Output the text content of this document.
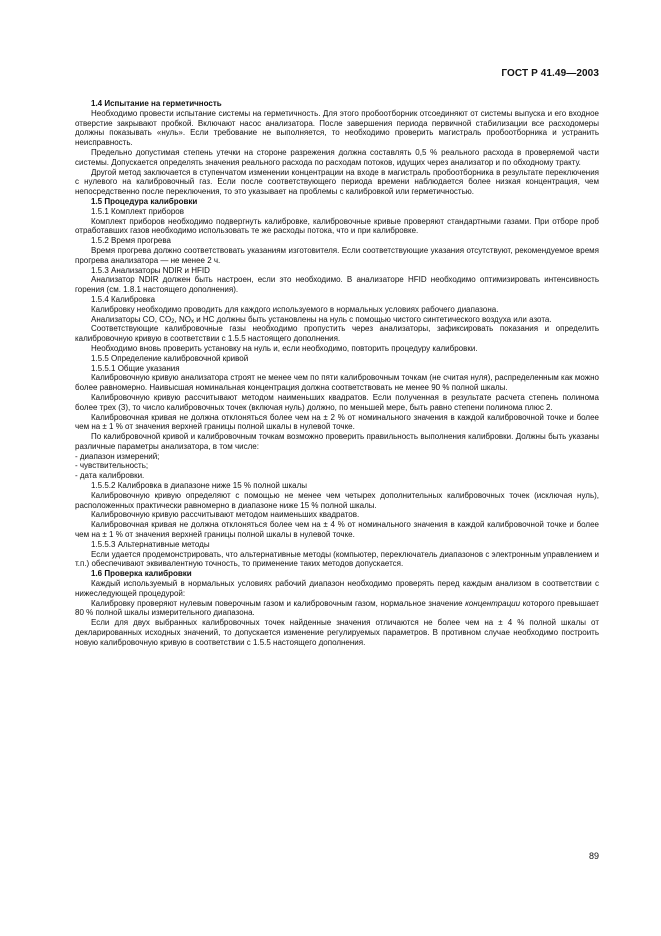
ГОСТ Р 41.49—2003

1.4 Испытание на герметичность

Необходимо провести испытание системы на герметичность. Для этого пробоотборник отсоединяют от системы выпуска и его входное отверстие закрывают пробкой. Включают насос анализатора. После завершения периода первичной стабилизации все расходомеры должны показывать «нуль». Если требование не выполняется, то необходимо проверить магистраль пробоотборника и устранить неисправность.

Предельно допустимая степень утечки на стороне разрежения должна составлять 0,5 % реального расхода в проверяемой части системы. Допускается определять значения реального расхода по расходам потоков, идущих через анализатор и по обходному тракту.

Другой метод заключается в ступенчатом изменении концентрации на входе в магистраль пробоотборника в результате переключения с нулевого на калибровочный газ. Если после соответствующего периода времени наблюдается более низкая концентрация, чем непосредственно после переключения, то это указывает на проблемы с калибровкой или герметичностью.

1.5 Процедура калибровки

1.5.1 Комплект приборов

Комплект приборов необходимо подвергнуть калибровке, калибровочные кривые проверяют стандартными газами. При отборе проб отработавших газов необходимо использовать те же расходы потока, что и при калибровке.

1.5.2 Время прогрева

Время прогрева должно соответствовать указаниям изготовителя. Если соответствующие указания отсутствуют, рекомендуемое время прогрева анализатора — не менее 2 ч.

1.5.3 Анализаторы NDIR и HFID

Анализатор NDIR должен быть настроен, если это необходимо. В анализаторе HFID необходимо оптимизировать интенсивность горения (см. 1.8.1 настоящего дополнения).

1.5.4 Калибровка

Калибровку необходимо проводить для каждого используемого в нормальных условиях рабочего диапазона.

Анализаторы CO, $CO_2$, $NO_x$ и HC должны быть установлены на нуль с помощью чистого синтетического воздуха или азота.

Соответствующие калибровочные газы необходимо пропустить через анализаторы, зафиксировать показания и определить калибровочную кривую в соответствии с 1.5.5 настоящего дополнения.

Необходимо вновь проверить установку на нуль и, если необходимо, повторить процедуру калибровки.

1.5.5 Определение калибровочной кривой

1.5.5.1 Общие указания

Калибровочную кривую анализатора строят не менее чем по пяти калибровочным точкам (не считая нуля), распределенным как можно более равномерно. Наивысшая номинальная концентрация должна соответствовать не менее 90 % полной шкалы.

Калибровочную кривую рассчитывают методом наименьших квадратов. Если полученная в результате расчета степень полинома более трех (3), то число калибровочных точек (включая нуль) должно, по меньшей мере, быть равно степени полинома плюс 2.

Калибровочная кривая не должна отклоняться более чем на ± 2 % от номинального значения в каждой калибровочной точке и более чем на ± 1 % от значения верхней границы полной шкалы в нулевой точке.

По калибровочной кривой и калибровочным точкам возможно проверить правильность выполнения калибровки. Должны быть указаны различные параметры анализатора, в том числе:

- диапазон измерений;

- чувствительность;

- дата калибровки.

1.5.5.2 Калибровка в диапазоне ниже 15 % полной шкалы

Калибровочную кривую определяют с помощью не менее чем четырех дополнительных калибровочных точек (исключая нуль), расположенных практически равномерно в диапазоне ниже 15 % полной шкалы.

Калибровочную кривую рассчитывают методом наименьших квадратов.

Калибровочная кривая не должна отклоняться более чем на ± 4 % от номинального значения в каждой калибровочной точке и более чем на ± 1 % от значения верхней границы полной шкалы в нулевой точке.

1.5.5.3 Альтернативные методы

Если удается продемонстрировать, что альтернативные методы (компьютер, переключатель диапазонов с электронным управлением и т.п.) обеспечивают эквивалентную точность, то применение таких методов допускается.

1.6 Проверка калибровки

Каждый используемый в нормальных условиях рабочий диапазон необходимо проверять перед каждым анализом в соответствии с нижеследующей процедурой:

Калибровку проверяют нулевым поверочным газом и калибровочным газом, нормальное значение концентрации которого превышает 80 % полной шкалы измерительного диапазона.

Если для двух выбранных калибровочных точек найденные значения отличаются не более чем на ± 4 % полной шкалы от декларированных исходных значений, то допускается изменение регулируемых параметров. В противном случае необходимо построить новую калибровочную кривую в соответствии с 1.5.5 настоящего дополнения.

89
